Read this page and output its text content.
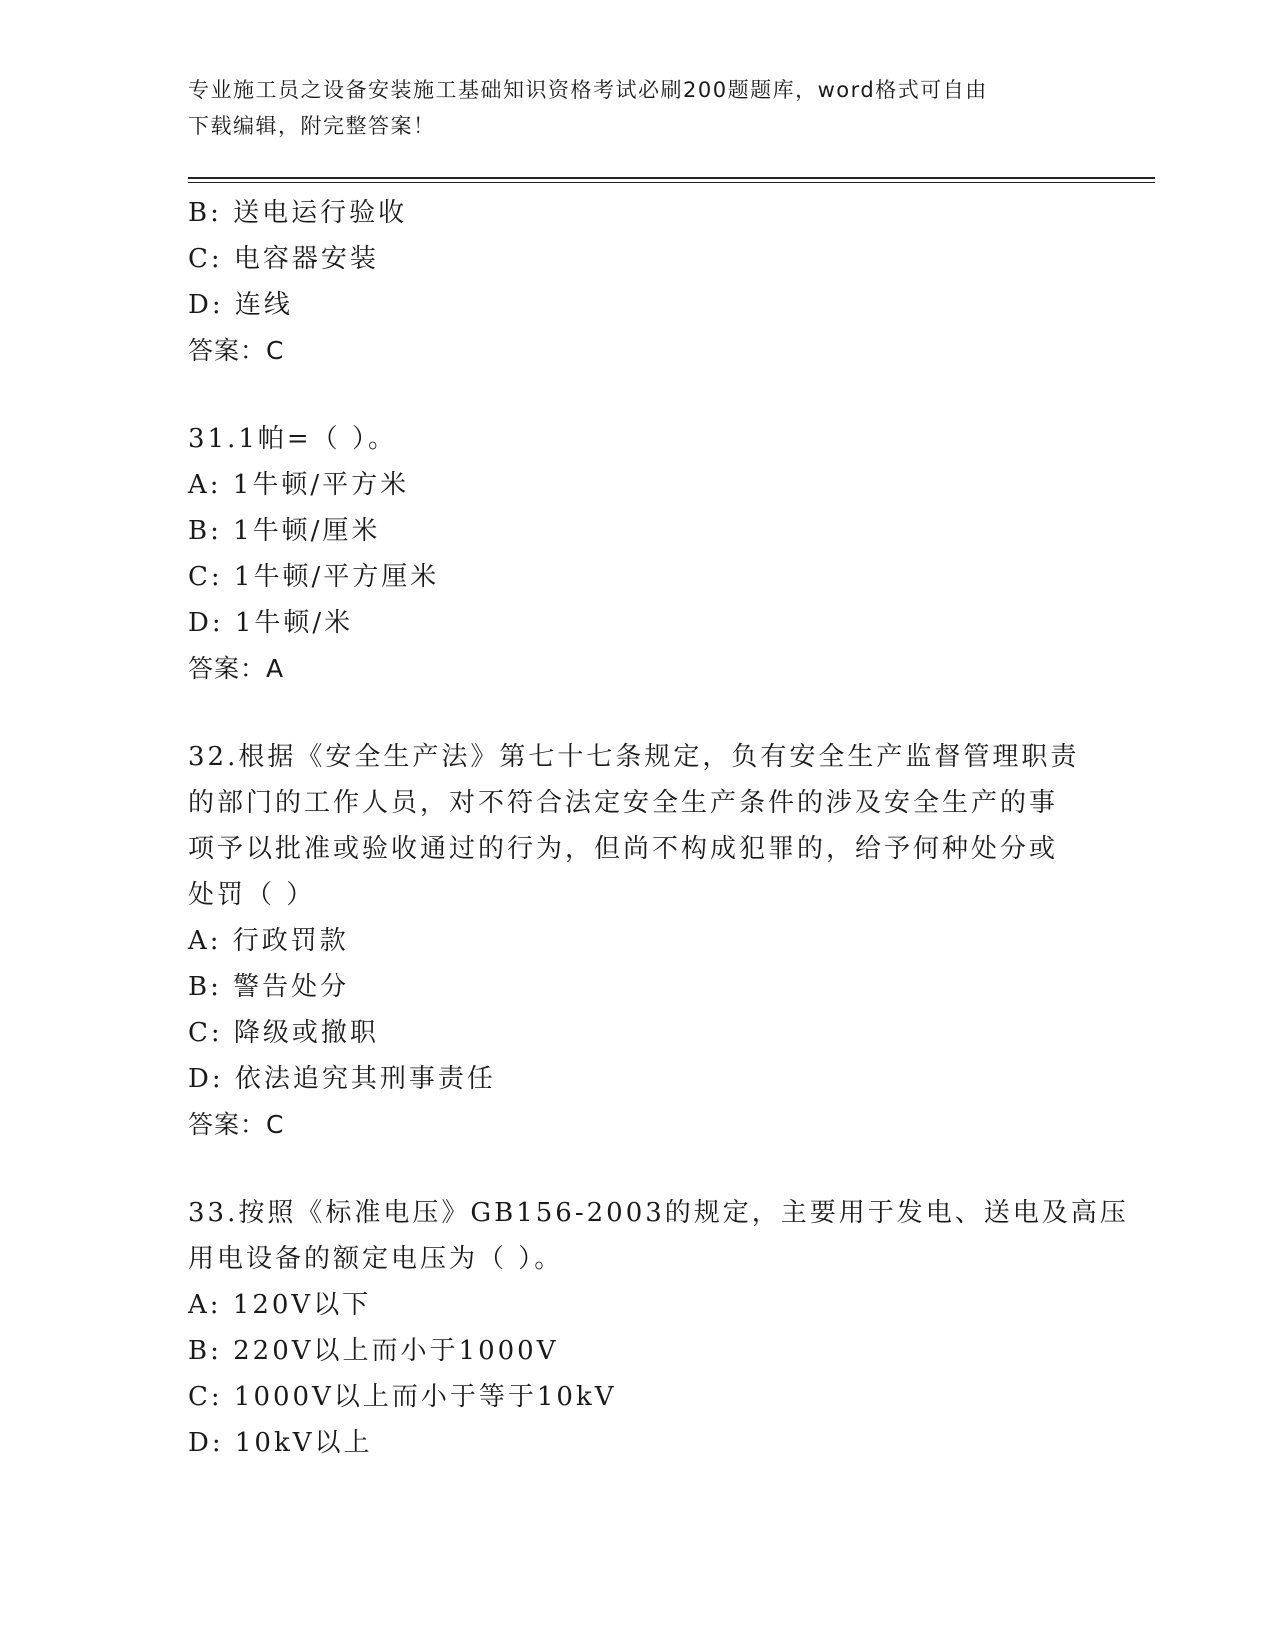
专业施工员之设备安装施工基础知识资格考试必刷200题题库，word格式可自由
下载编辑，附完整答案！
B: 送电运行验收
C: 电容器安装
D: 连线
答案：C
31.1帕=（ ）。
A: 1牛顿/平方米
B: 1牛顿/厘米
C: 1牛顿/平方厘米
D: 1牛顿/米
答案：A
32.根据《安全生产法》第七十七条规定，负有安全生产监督管理职责
的部门的工作人员，对不符合法定安全生产条件的涉及安全生产的事
项予以批准或验收通过的行为，但尚不构成犯罪的，给予何种处分或
处罚（ ）
A: 行政罚款
B: 警告处分
C: 降级或撤职
D: 依法追究其刑事责任
答案：C
33.按照《标准电压》GB156-2003的规定，主要用于发电、送电及高压
用电设备的额定电压为（ ）。
A: 120V以下
B: 220V以上而小于1000V
C: 1000V以上而小于等于10kV
D: 10kV以上
